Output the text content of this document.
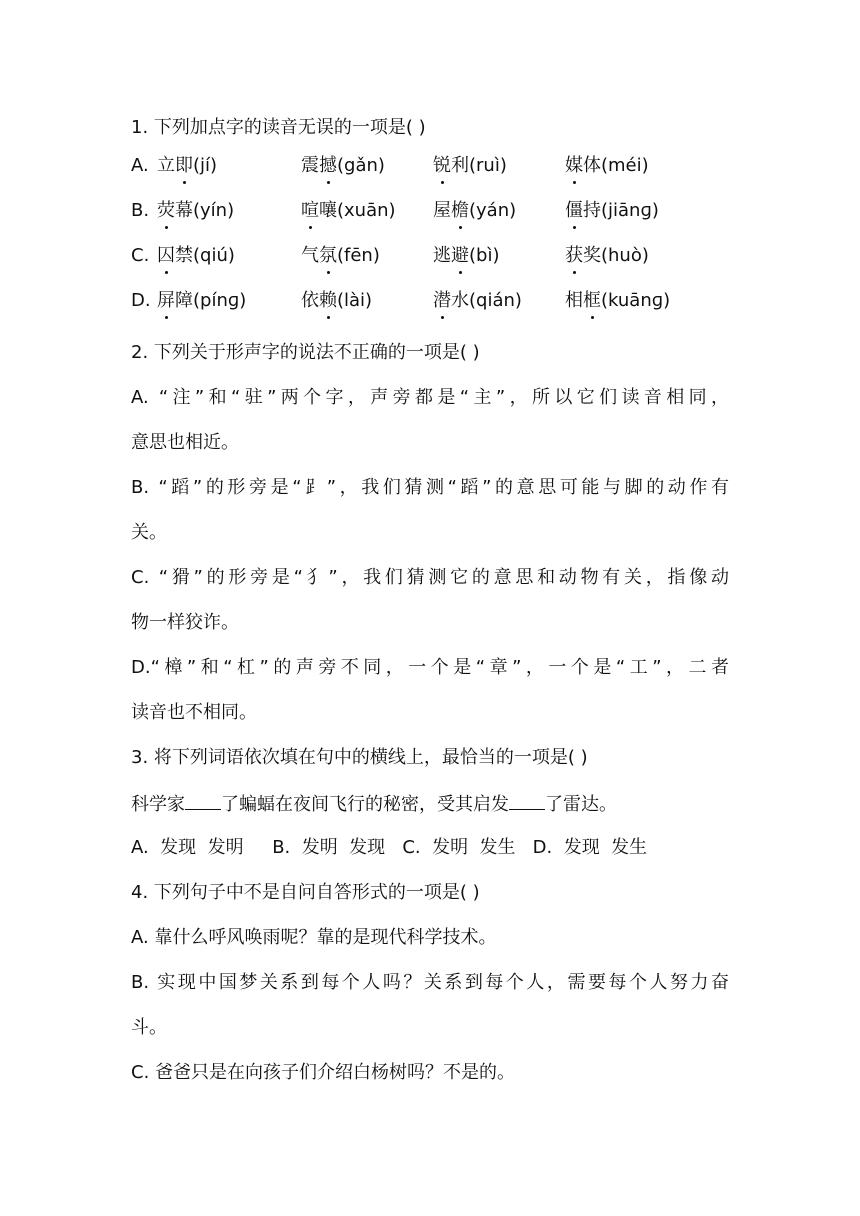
1. 下列加点字的读音无误的一项是( )
A. 立即(jí)	震撼(gǎn)	锐利(ruì)	媒体(méi)
B. 荧幕(yín)	喧嚷(xuān) 屋檐(yán)	僵持(jiānɡ)
C. 囚禁(qiú)	气氛(fēn)	逃避(bì)	获奖(huò)
D. 屏障(pínɡ)	依赖(lài)	潜水(qián) 相框(kuānɡ)
2. 下列关于形声字的说法不正确的一项是( )
A. “注”和“驻”两个字，声旁都是“主”，所以它们读音相同，
意思也相近。
B. “蹈”的形旁是“⻊”，我们猜测“蹈”的意思可能与脚的动作有
关。
C. “猾”的形旁是“犭”，我们猜测它的意思和动物有关，指像动
物一样狡诈。
D.“樟”和“杠”的声旁不同，一个是“章”，一个是“工”，二者
读音也不相同。
3. 将下列词语依次填在句中的横线上，最恰当的一项是( )
科学家 了蝙蝠在夜间飞行的秘密，受其启发 了雷达。
A.  发现  发明     B.  发明  发现   C.  发明  发生   D.  发现  发生
4. 下列句子中不是自问自答形式的一项是( )
A. 靠什么呼风唤雨呢？靠的是现代科学技术。
B. 实现中国梦关系到每个人吗？关系到每个人，需要每个人努力奋
斗。
C. 爸爸只是在向孩子们介绍白杨树吗？不是的。
